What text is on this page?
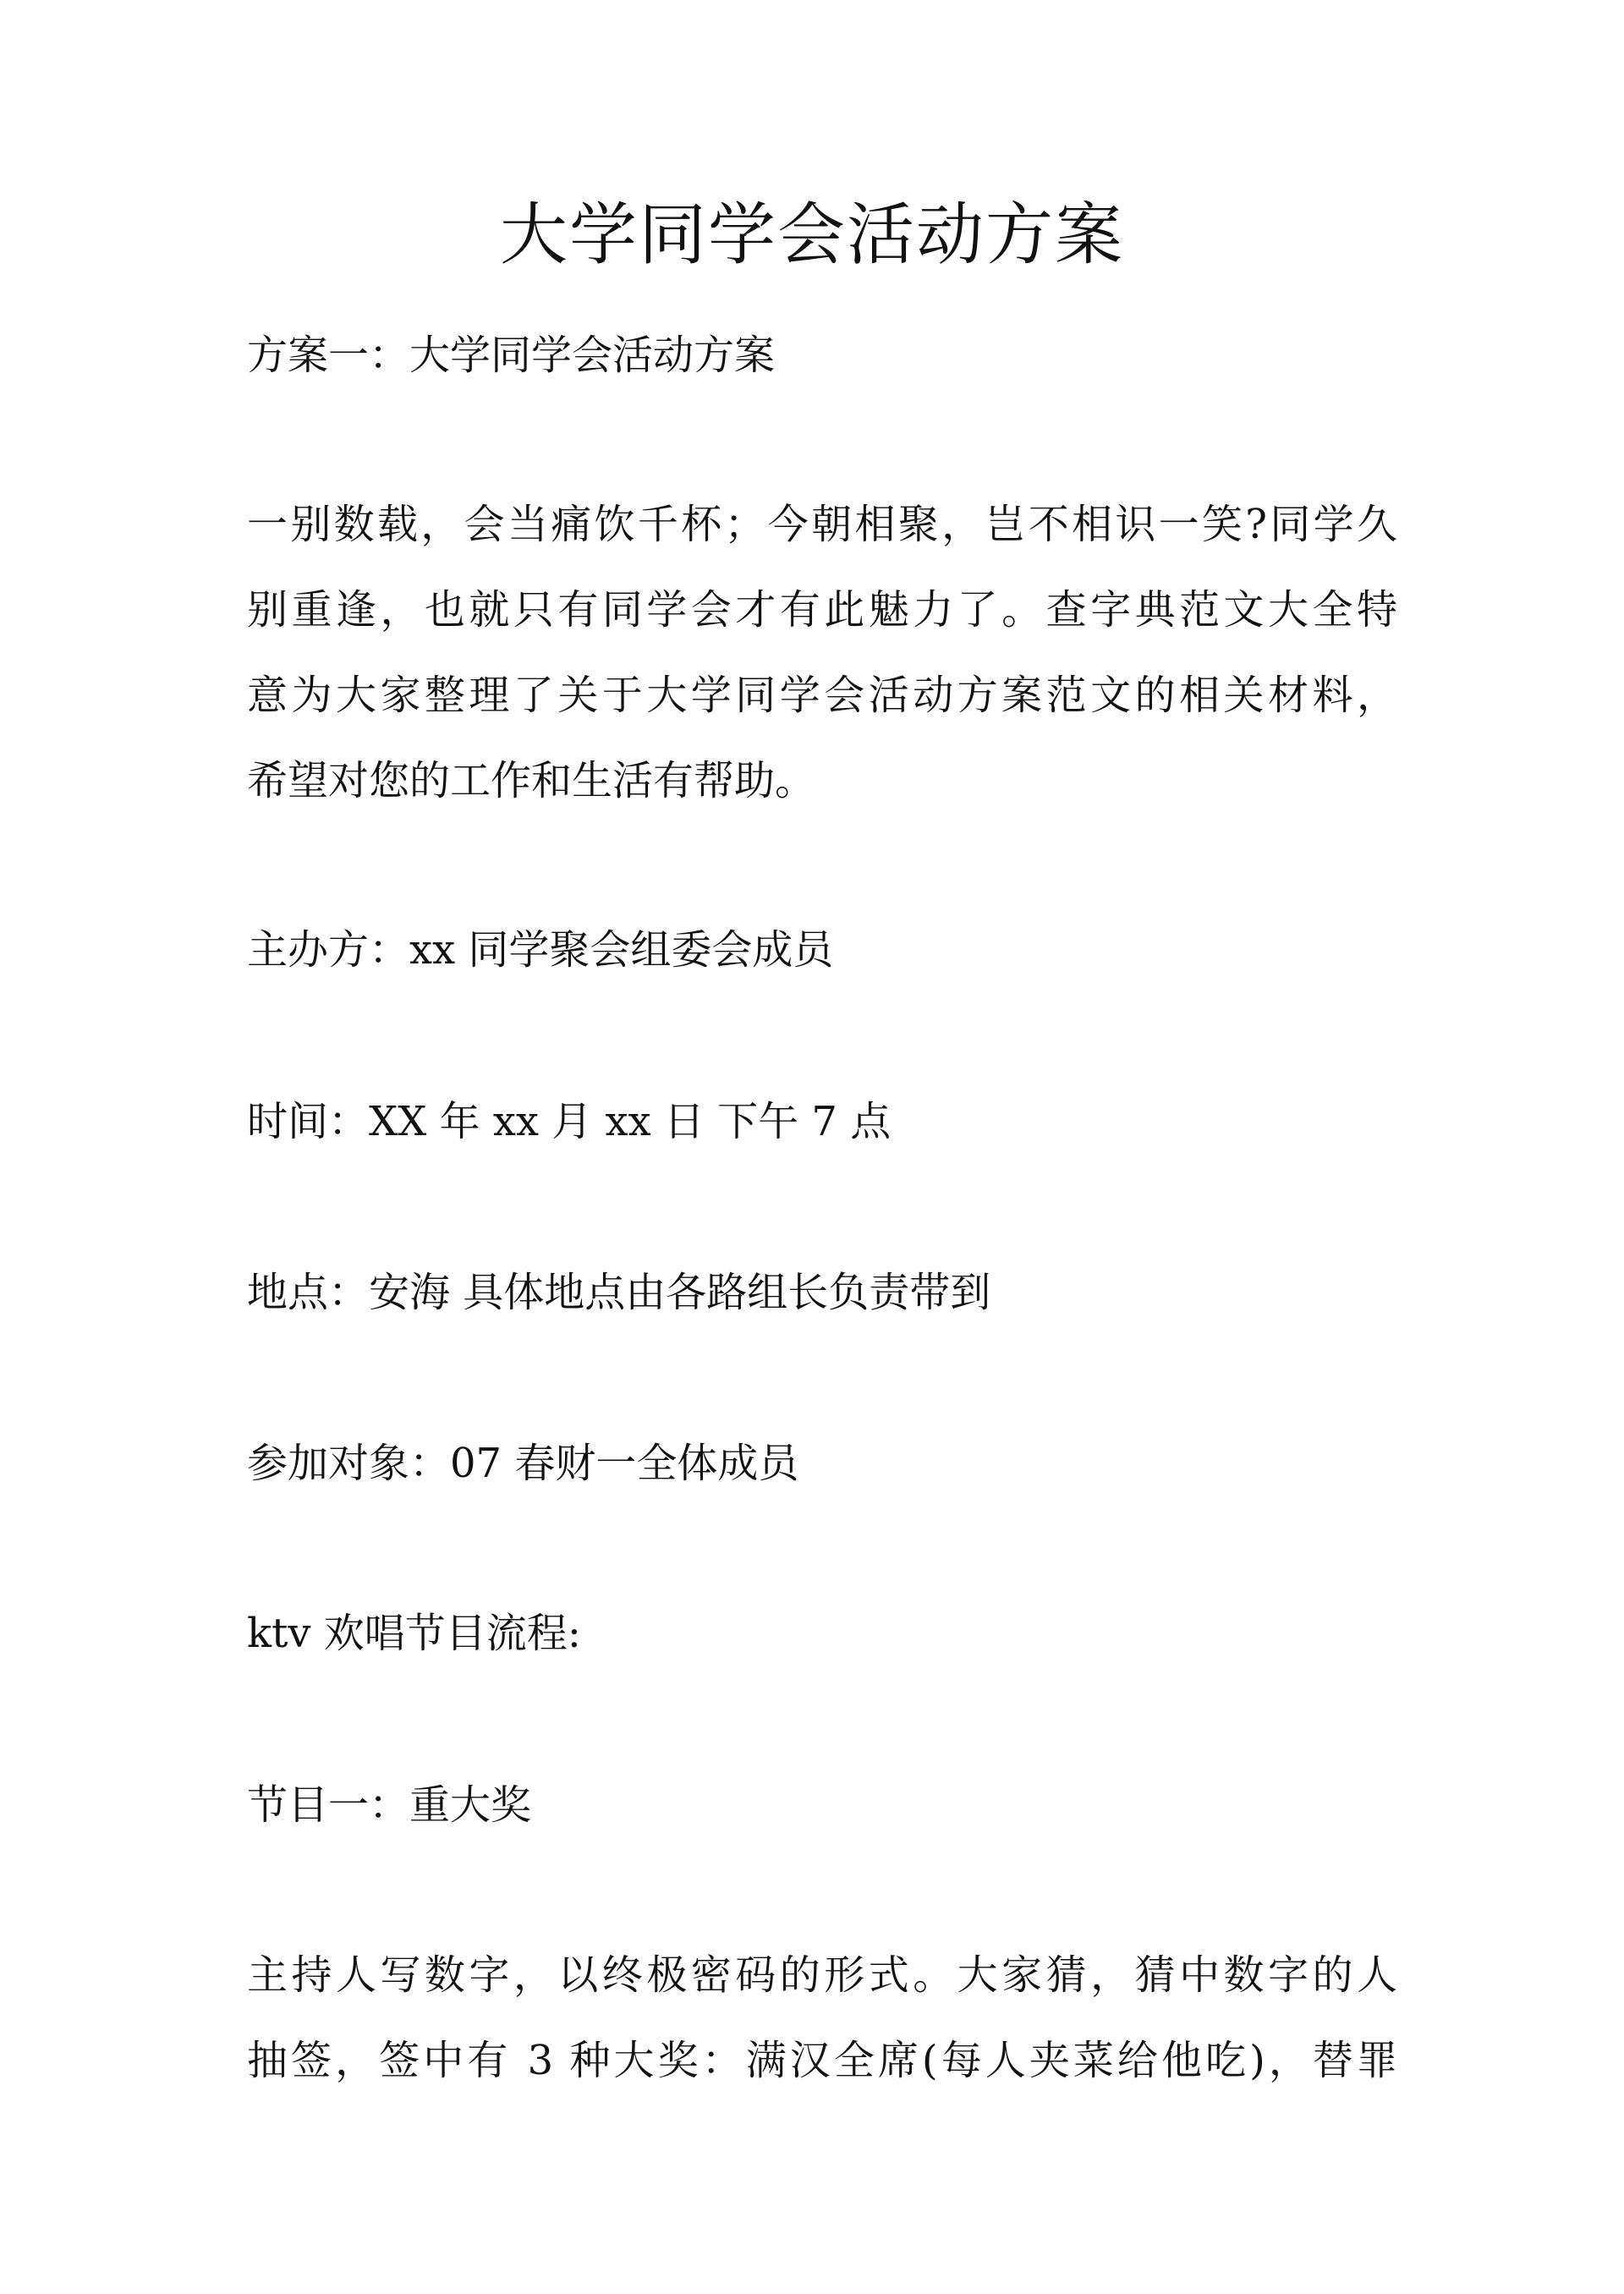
大学同学会活动方案

方案一：大学同学会活动方案

一别数载，会当痛饮千杯；今朝相聚，岂不相识一笑?同学久
别重逢，也就只有同学会才有此魅力了。查字典范文大全特
意为大家整理了关于大学同学会活动方案范文的相关材料，
希望对您的工作和生活有帮助。

主办方：xx 同学聚会组委会成员

时间：XX 年 xx 月 xx 日 下午 7 点

地点：安海 具体地点由各路组长负责带到

参加对象：07 春财一全体成员

ktv 欢唱节目流程:

节目一：重大奖

主持人写数字，以终极密码的形式。大家猜，猜中数字的人
抽签，签中有 3 种大奖：满汉全席(每人夹菜给他吃)，替罪
